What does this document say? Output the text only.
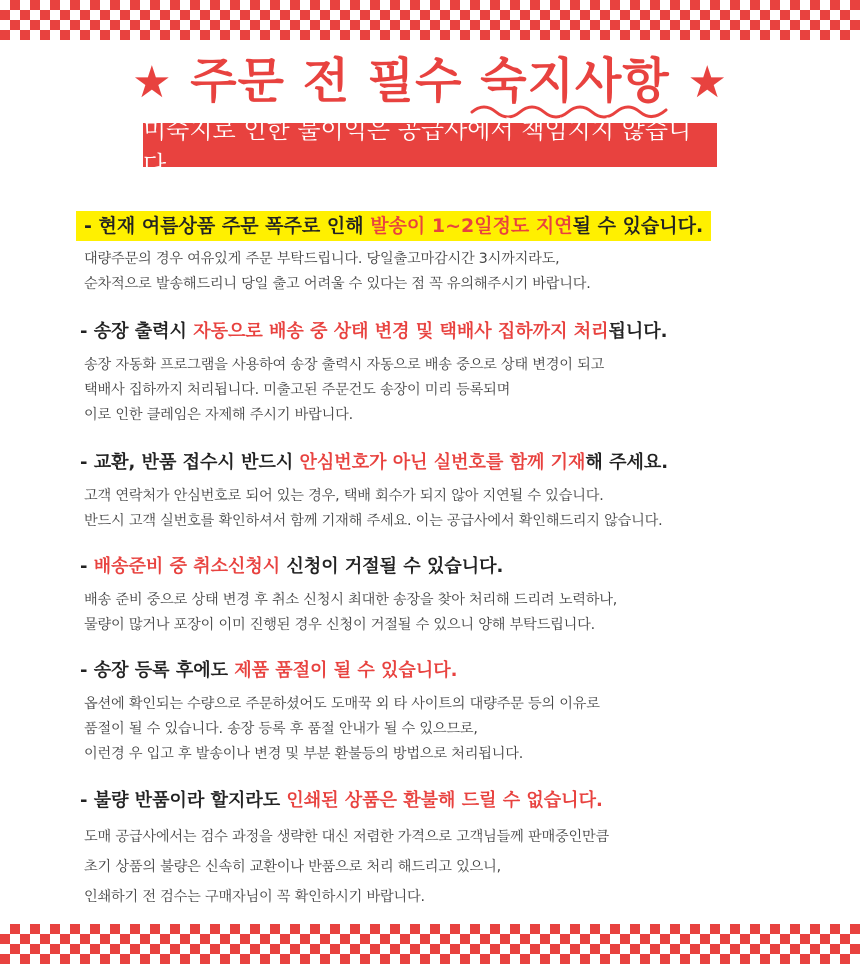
★ 주문 전 필수 숙지사항 ★
미숙지로 인한 불이익은 공급사에서 책임지지 않습니다.
- 현재 여름상품 주문 폭주로 인해 발송이 1~2일정도 지연될 수 있습니다.

대량주문의 경우 여유있게 주문 부탁드립니다. 당일출고마감시간 3시까지라도,

순차적으로 발송해드리니 당일 출고 어려울 수 있다는 점 꼭 유의해주시기 바랍니다.

- 송장 출력시 자동으로 배송 중 상태 변경 및 택배사 집하까지 처리됩니다.

송장 자동화 프로그램을 사용하여 송장 출력시 자동으로 배송 중으로 상태 변경이 되고

택배사 집하까지 처리됩니다. 미출고된 주문건도 송장이 미리 등록되며

이로 인한 클레임은 자제해 주시기 바랍니다.

- 교환, 반품 접수시 반드시 안심번호가 아닌 실번호를 함께 기재해 주세요.

고객 연락처가 안심번호로 되어 있는 경우, 택배 회수가 되지 않아 지연될 수 있습니다.

반드시 고객 실번호를 확인하셔서 함께 기재해 주세요. 이는 공급사에서 확인해드리지 않습니다.

- 배송준비 중 취소신청시 신청이 거절될 수 있습니다.

배송 준비 중으로 상태 변경 후 취소 신청시 최대한 송장을 찾아 처리해 드리려 노력하나,

물량이 많거나 포장이 이미 진행된 경우 신청이 거절될 수 있으니 양해 부탁드립니다.

- 송장 등록 후에도 제품 품절이 될 수 있습니다.

옵션에 확인되는 수량으로 주문하셨어도 도매꾹 외 타 사이트의 대량주문 등의 이유로

품절이 될 수 있습니다. 송장 등록 후 품절 안내가 될 수 있으므로,

이런경 우 입고 후 발송이나 변경 및 부분 환불등의 방법으로 처리됩니다.

- 불량 반품이라 할지라도 인쇄된 상품은 환불해 드릴 수 없습니다.

도매 공급사에서는 검수 과정을 생략한 대신 저렴한 가격으로 고객님들께 판매중인만큼

초기 상품의 불량은 신속히 교환이나 반품으로 처리 해드리고 있으니,

인쇄하기 전 검수는 구매자님이 꼭 확인하시기 바랍니다.
